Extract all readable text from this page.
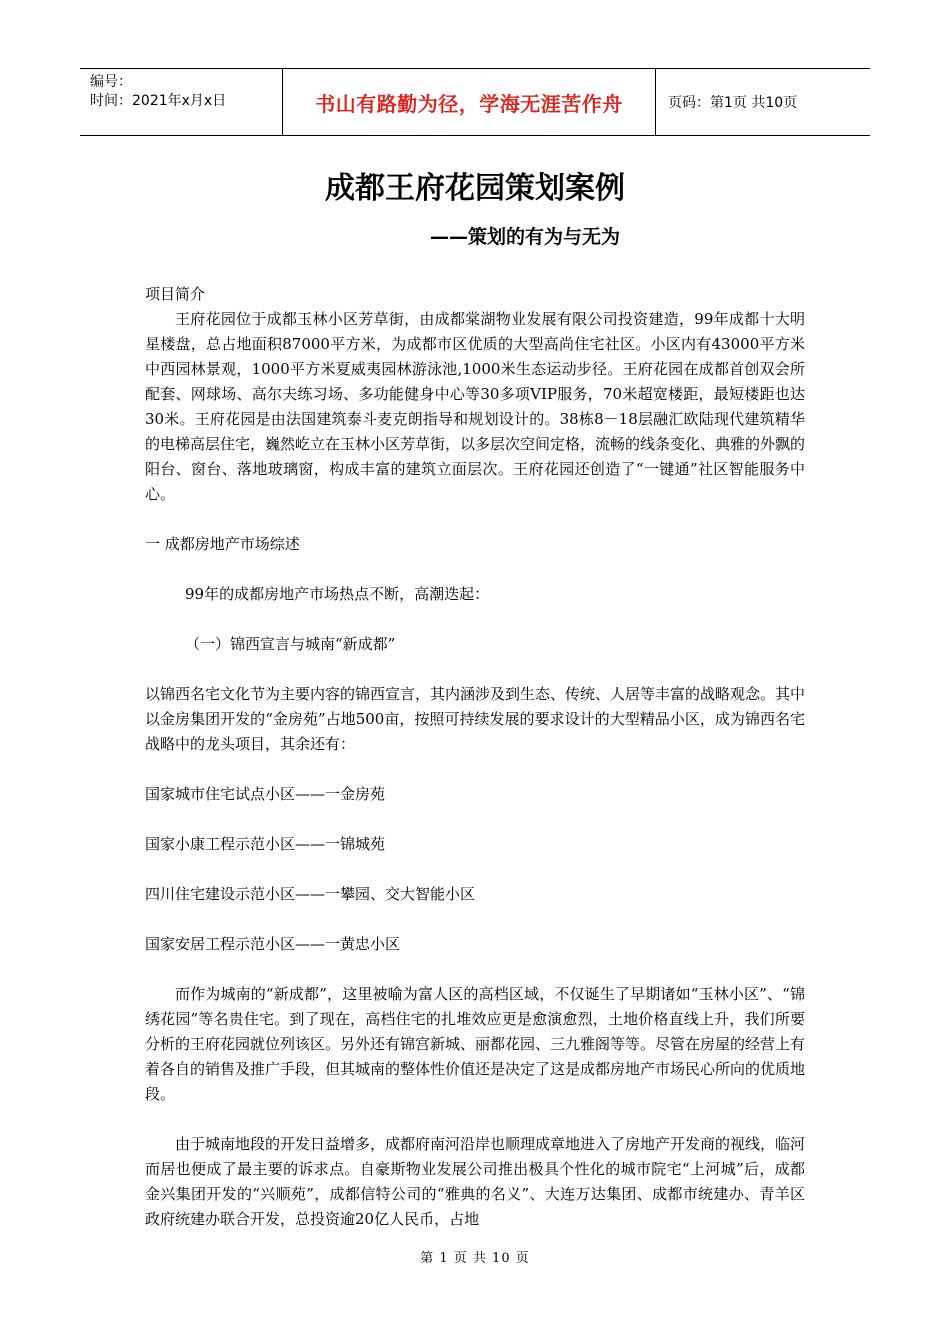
编号：
时间：2021年x月x日	书山有路勤为径，学海无涯苦作舟	页码：第1页 共10页
成都王府花园策划案例
——策划的有为与无为

项目简介

王府花园位于成都玉林小区芳草街，由成都棠湖物业发展有限公司投资建造，99年成都十大明星楼盘，总占地面积87000平方米，为成都市区优质的大型高尚住宅社区。小区内有43000平方米中西园林景观，1000平方米夏威夷园林游泳池,1000米生态运动步径。王府花园在成都首创双会所配套、网球场、高尔夫练习场、多功能健身中心等30多项VIP服务，70米超宽楼距，最短楼距也达30米。王府花园是由法国建筑泰斗麦克朗指导和规划设计的。38栋8－18层融汇欧陆现代建筑精华的电梯高层住宅，巍然屹立在玉林小区芳草街，以多层次空间定格，流畅的线条变化、典雅的外飘的阳台、窗台、落地玻璃窗，构成丰富的建筑立面层次。王府花园还创造了“一键通”社区智能服务中心。

一 成都房地产市场综述

99年的成都房地产市场热点不断，高潮迭起：

（一）锦西宣言与城南“新成都”

以锦西名宅文化节为主要内容的锦西宣言，其内涵涉及到生态、传统、人居等丰富的战略观念。其中以金房集团开发的“金房苑”占地500亩，按照可持续发展的要求设计的大型精品小区，成为锦西名宅战略中的龙头项目，其余还有：

国家城市住宅试点小区——一金房苑

国家小康工程示范小区——一锦城苑

四川住宅建设示范小区——一攀园、交大智能小区

国家安居工程示范小区——一黄忠小区

而作为城南的“新成都”，这里被喻为富人区的高档区域，不仅诞生了早期诸如“玉林小区”、“锦绣花园”等名贵住宅。到了现在，高档住宅的扎堆效应更是愈演愈烈，土地价格直线上升，我们所要分析的王府花园就位列该区。另外还有锦宫新城、丽都花园、三九雅阁等等。尽管在房屋的经营上有着各自的销售及推广手段，但其城南的整体性价值还是决定了这是成都房地产市场民心所向的优质地段。

由于城南地段的开发日益增多，成都府南河沿岸也顺理成章地进入了房地产开发商的视线，临河而居也便成了最主要的诉求点。自豪斯物业发展公司推出极具个性化的城市院宅“上河城”后，成都金兴集团开发的“兴顺苑”，成都信特公司的“雅典的名义”、大连万达集团、成都市统建办、青羊区政府统建办联合开发，总投资逾20亿人民币，占地

第 1 页 共 10 页
